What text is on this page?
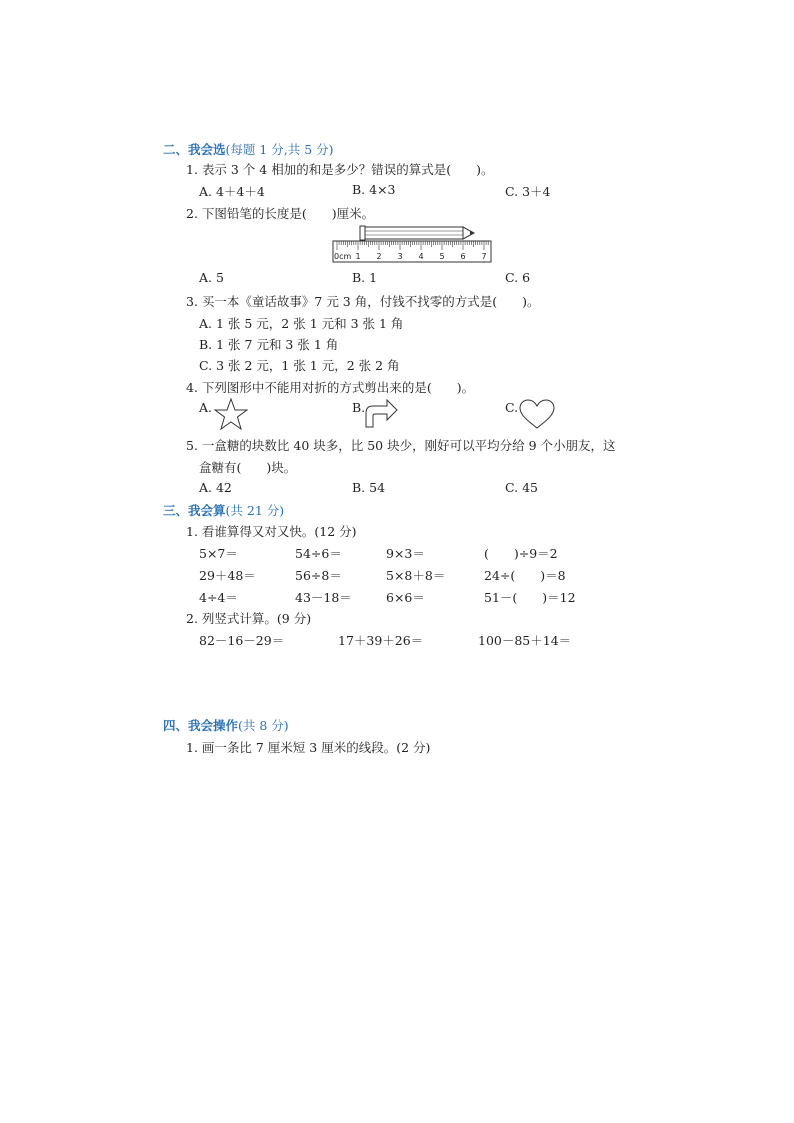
二、我会选(每题 1 分,共 5 分)
1. 表示 3 个 4 相加的和是多少？错误的算式是(　　)。
A. 4＋4＋4	B. 4×3	C. 3＋4
2. 下图铅笔的长度是(　　)厘米。
0cm 1 2 3 4 5 6 7
A. 5	B. 1	C. 6
3. 买一本《童话故事》7 元 3 角，付钱不找零的方式是(　　)。
A. 1 张 5 元，2 张 1 元和 3 张 1 角
B. 1 张 7 元和 3 张 1 角
C. 3 张 2 元，1 张 1 元，2 张 2 角
4. 下列图形中不能用对折的方式剪出来的是(　　)。
A.	B.	C.
5. 一盒糖的块数比 40 块多，比 50 块少，刚好可以平均分给 9 个小朋友，这
盒糖有(　　)块。
A. 42	B. 54	C. 45
三、我会算(共 21 分)
1. 看谁算得又对又快。(12 分)
5×7＝	54÷6＝	9×3＝	(　　)÷9＝2
29＋48＝	56÷8＝	5×8＋8＝	24÷(　　)＝8
4÷4＝	43－18＝	6×6＝	51－(　　)＝12
2. 列竖式计算。(9 分)
82－16－29＝	17＋39＋26＝	100－85＋14＝
四、我会操作(共 8 分)
1. 画一条比 7 厘米短 3 厘米的线段。(2 分)
